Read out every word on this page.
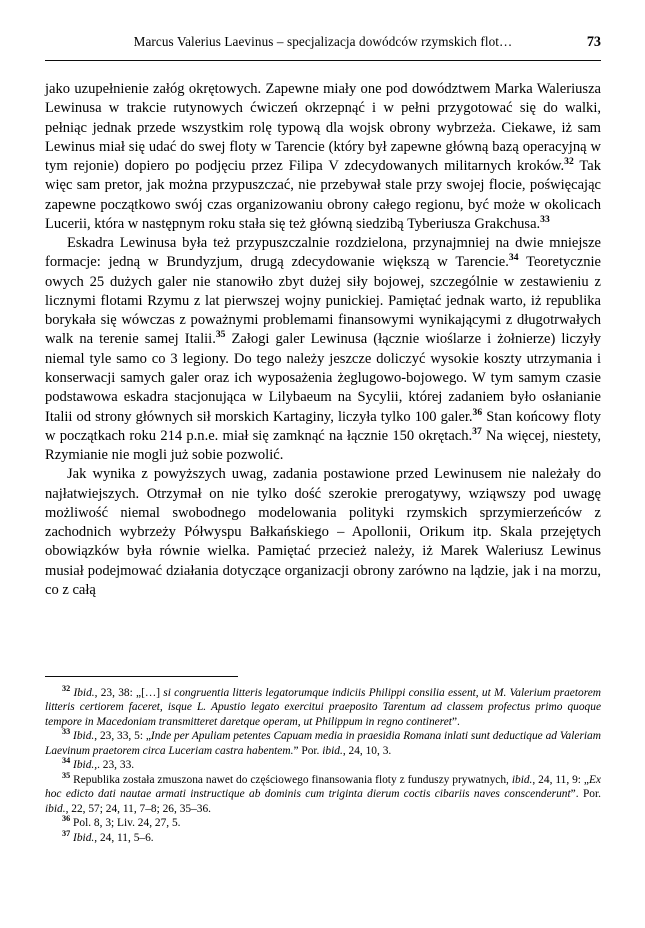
Marcus Valerius Laevinus – specjalizacja dowódców rzymskich flot…	73

jako uzupełnienie załóg okrętowych. Zapewne miały one pod dowództwem Marka Waleriusza Lewinusa w trakcie rutynowych ćwiczeń okrzepnąć i w pełni przygotować się do walki, pełniąc jednak przede wszystkim rolę typową dla wojsk obrony wybrzeża. Ciekawe, iż sam Lewinus miał się udać do swej floty w Tarencie (który był zapewne główną bazą operacyjną w tym rejonie) dopiero po podjęciu przez Filipa V zdecydowanych militarnych kroków.$^{32}$ Tak więc sam pretor, jak można przypuszczać, nie przebywał stale przy swojej flocie, poświęcając zapewne początkowo swój czas organizowaniu obrony całego regionu, być może w okolicach Lucerii, która w następnym roku stała się też główną siedzibą Tyberiusza Grakchusa.$^{33}$

Eskadra Lewinusa była też przypuszczalnie rozdzielona, przynajmniej na dwie mniejsze formacje: jedną w Brundyzjum, drugą zdecydowanie większą w Tarencie.$^{34}$ Teoretycznie owych 25 dużych galer nie stanowiło zbyt dużej siły bojowej, szczególnie w zestawieniu z licznymi flotami Rzymu z lat pierwszej wojny punickiej. Pamiętać jednak warto, iż republika borykała się wówczas z poważnymi problemami finansowymi wynikającymi z długotrwałych walk na terenie samej Italii.$^{35}$ Załogi galer Lewinusa (łącznie wioślarze i żołnierze) liczyły niemal tyle samo co 3 legiony. Do tego należy jeszcze doliczyć wysokie koszty utrzymania i konserwacji samych galer oraz ich wyposażenia żeglugowo-bojowego. W tym samym czasie podstawowa eskadra stacjonująca w Lilybaeum na Sycylii, której zadaniem było osłanianie Italii od strony głównych sił morskich Kartaginy, liczyła tylko 100 galer.$^{36}$ Stan końcowy floty w początkach roku 214 p.n.e. miał się zamknąć na łącznie 150 okrętach.$^{37}$ Na więcej, niestety, Rzymianie nie mogli już sobie pozwolić.

Jak wynika z powyższych uwag, zadania postawione przed Lewinusem nie należały do najłatwiejszych. Otrzymał on nie tylko dość szerokie prerogatywy, wziąwszy pod uwagę możliwość niemal swobodnego modelowania polityki rzymskich sprzymierzeńców z zachodnich wybrzeży Półwyspu Bałkańskiego – Apollonii, Orikum itp. Skala przejętych obowiązków była równie wielka. Pamiętać przecież należy, iż Marek Waleriusz Lewinus musiał podejmować działania dotyczące organizacji obrony zarówno na lądzie, jak i na morzu, co z całą

$^{32}$ Ibid., 23, 38: „[…] si congruentia litteris legatorumque indiciis Philippi consilia essent, ut M. Valerium praetorem litteris certiorem faceret, isque L. Apustio legato exercitui praeposito Tarentum ad classem profectus primo quoque tempore in Macedoniam transmitteret daretque operam, ut Philippum in regno contineret”.

$^{33}$ Ibid., 23, 33, 5: „Inde per Apuliam petentes Capuam media in praesidia Romana inlati sunt deductique ad Valeriam Laevinum praetorem circa Luceriam castra habentem.” Por. ibid., 24, 10, 3.

$^{34}$ Ibid.,. 23, 33.

$^{35}$ Republika została zmuszona nawet do częściowego finansowania floty z funduszy prywatnych, ibid., 24, 11, 9: „Ex hoc edicto dati nautae armati instructique ab dominis cum triginta dierum coctis cibariis naves conscenderunt”. Por. ibid., 22, 57; 24, 11, 7–8; 26, 35–36.

$^{36}$ Pol. 8, 3; Liv. 24, 27, 5.

$^{37}$ Ibid., 24, 11, 5–6.
